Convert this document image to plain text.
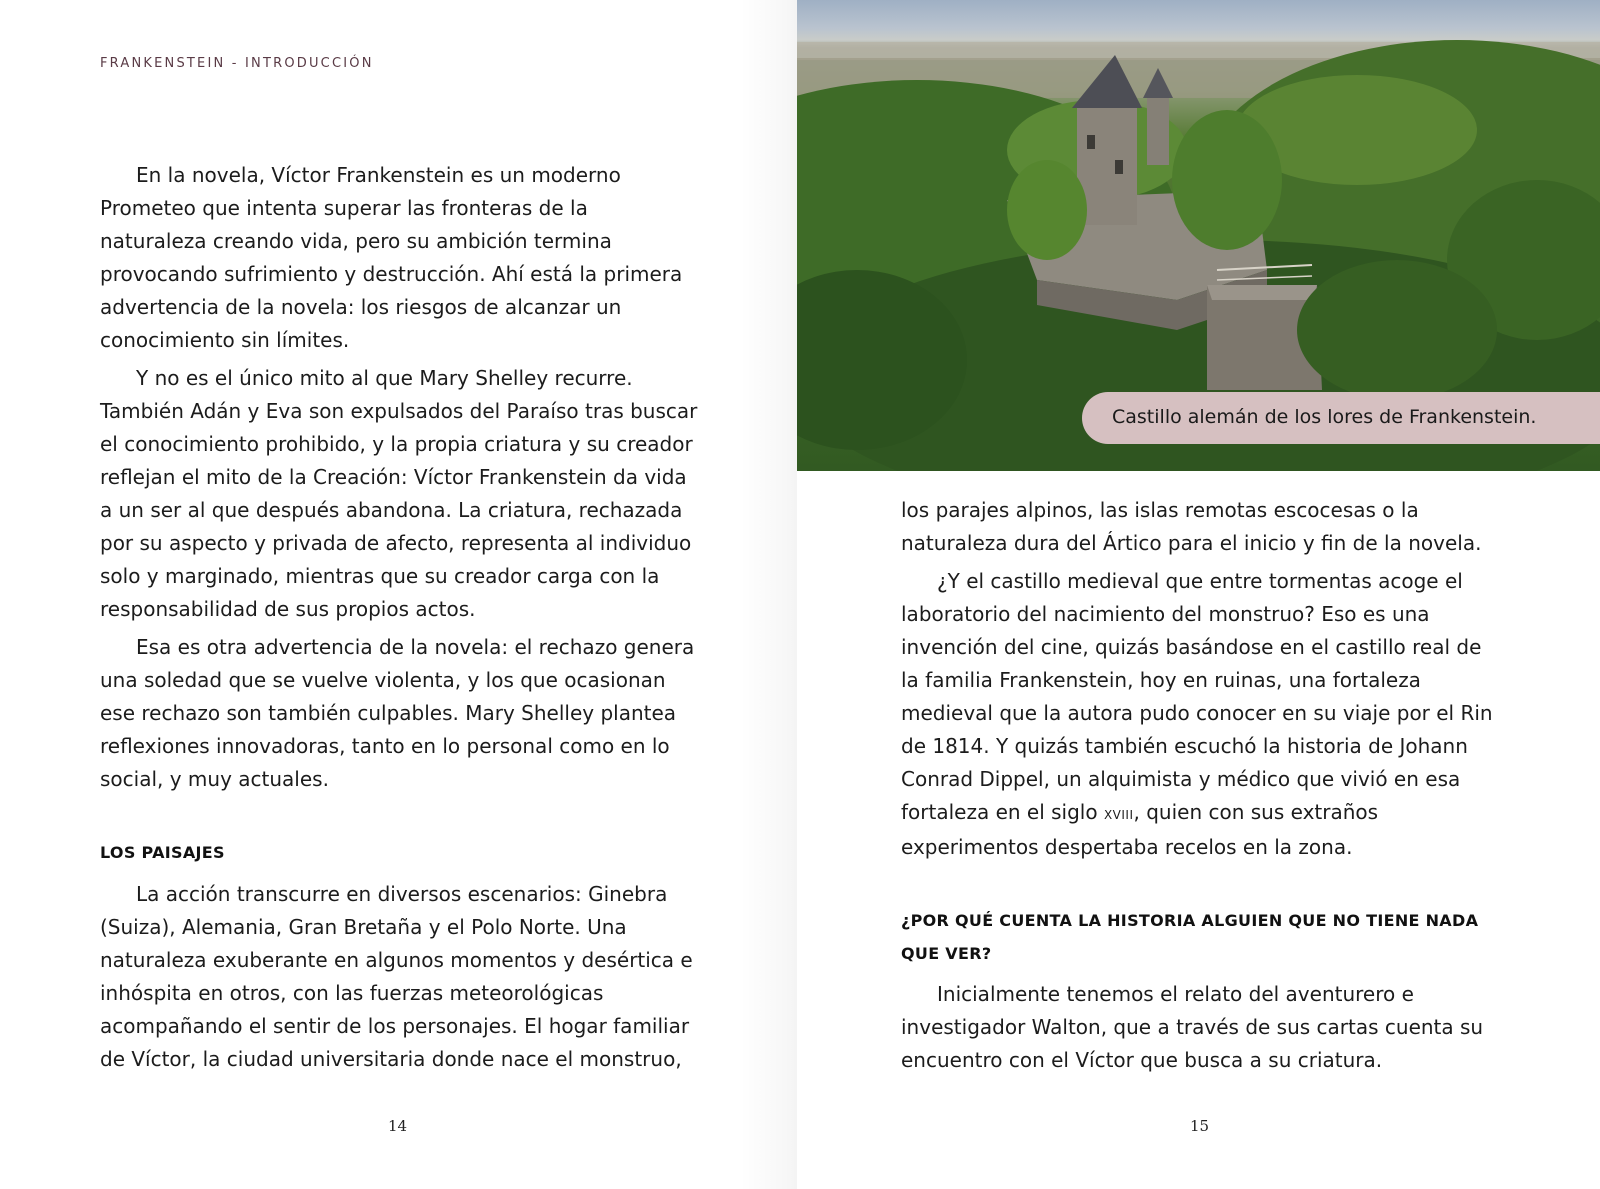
FRANKENSTEIN - INTRODUCCIÓN

En la novela, Víctor Frankenstein es un moderno Prometeo que intenta superar las fronteras de la naturaleza creando vida, pero su ambición termina provocando sufrimiento y destrucción. Ahí está la primera advertencia de la novela: los riesgos de alcanzar un conocimiento sin límites.

Y no es el único mito al que Mary Shelley recurre. También Adán y Eva son expulsados del Paraíso tras buscar el conocimiento prohibido, y la propia criatura y su creador reflejan el mito de la Creación: Víctor Frankenstein da vida a un ser al que después abandona. La criatura, rechazada por su aspecto y privada de afecto, representa al individuo solo y marginado, mientras que su creador carga con la responsabilidad de sus propios actos.

Esa es otra advertencia de la novela: el rechazo genera una soledad que se vuelve violenta, y los que ocasionan ese rechazo son también culpables. Mary Shelley plantea reflexiones innovadoras, tanto en lo personal como en lo social, y muy actuales.

LOS PAISAJES

La acción transcurre en diversos escenarios: Ginebra (Suiza), Alemania, Gran Bretaña y el Polo Norte. Una naturaleza exuberante en algunos momentos y desértica e inhóspita en otros, con las fuerzas meteorológicas acompañando el sentir de los personajes. El hogar familiar de Víctor, la ciudad universitaria donde nace el monstruo,

14
Castillo alemán de los lores de Frankenstein.

los parajes alpinos, las islas remotas escocesas o la naturaleza dura del Ártico para el inicio y fin de la novela.

¿Y el castillo medieval que entre tormentas acoge el laboratorio del nacimiento del monstruo? Eso es una invención del cine, quizás basándose en el castillo real de la familia Frankenstein, hoy en ruinas, una fortaleza medieval que la autora pudo conocer en su viaje por el Rin de 1814. Y quizás también escuchó la historia de Johann Conrad Dippel, un alquimista y médico que vivió en esa fortaleza en el siglo xviii, quien con sus extraños experimentos despertaba recelos en la zona.

¿POR QUÉ CUENTA LA HISTORIA ALGUIEN QUE NO TIENE NADA QUE VER?

Inicialmente tenemos el relato del aventurero e investigador Walton, que a través de sus cartas cuenta su encuentro con el Víctor que busca a su criatura.

15
